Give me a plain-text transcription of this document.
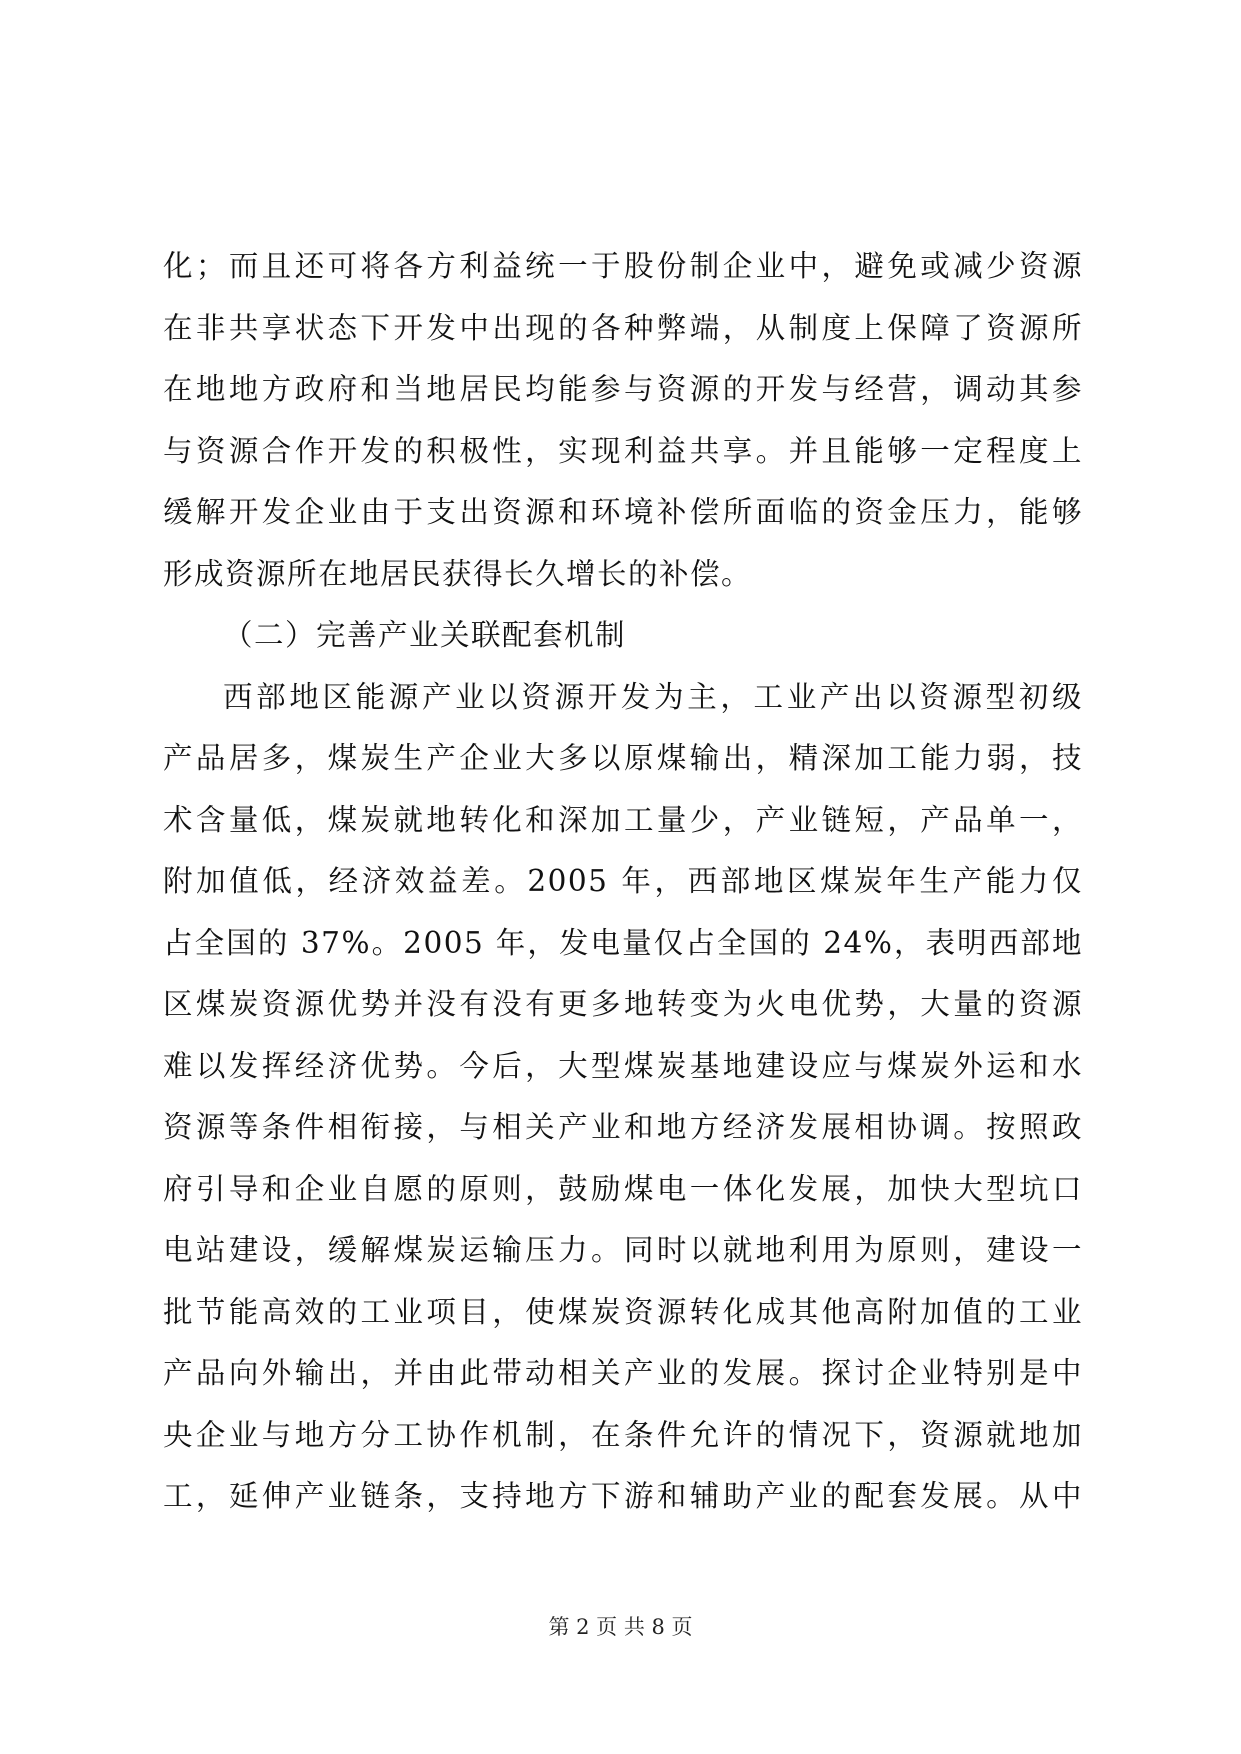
化；而且还可将各方利益统一于股份制企业中，避免或减少资源
在非共享状态下开发中出现的各种弊端，从制度上保障了资源所
在地地方政府和当地居民均能参与资源的开发与经营，调动其参
与资源合作开发的积极性，实现利益共享。并且能够一定程度上
缓解开发企业由于支出资源和环境补偿所面临的资金压力，能够
形成资源所在地居民获得长久增长的补偿。
（二）完善产业关联配套机制
西部地区能源产业以资源开发为主，工业产出以资源型初级
产品居多，煤炭生产企业大多以原煤输出，精深加工能力弱，技
术含量低，煤炭就地转化和深加工量少，产业链短，产品单一，
附加值低，经济效益差。2005 年，西部地区煤炭年生产能力仅
占全国的 37%。2005 年，发电量仅占全国的 24%，表明西部地
区煤炭资源优势并没有没有更多地转变为火电优势，大量的资源
难以发挥经济优势。今后，大型煤炭基地建设应与煤炭外运和水
资源等条件相衔接，与相关产业和地方经济发展相协调。按照政
府引导和企业自愿的原则，鼓励煤电一体化发展，加快大型坑口
电站建设，缓解煤炭运输压力。同时以就地利用为原则，建设一
批节能高效的工业项目，使煤炭资源转化成其他高附加值的工业
产品向外输出，并由此带动相关产业的发展。探讨企业特别是中
央企业与地方分工协作机制，在条件允许的情况下，资源就地加
工，延伸产业链条，支持地方下游和辅助产业的配套发展。从中
第 2 页 共 8 页
